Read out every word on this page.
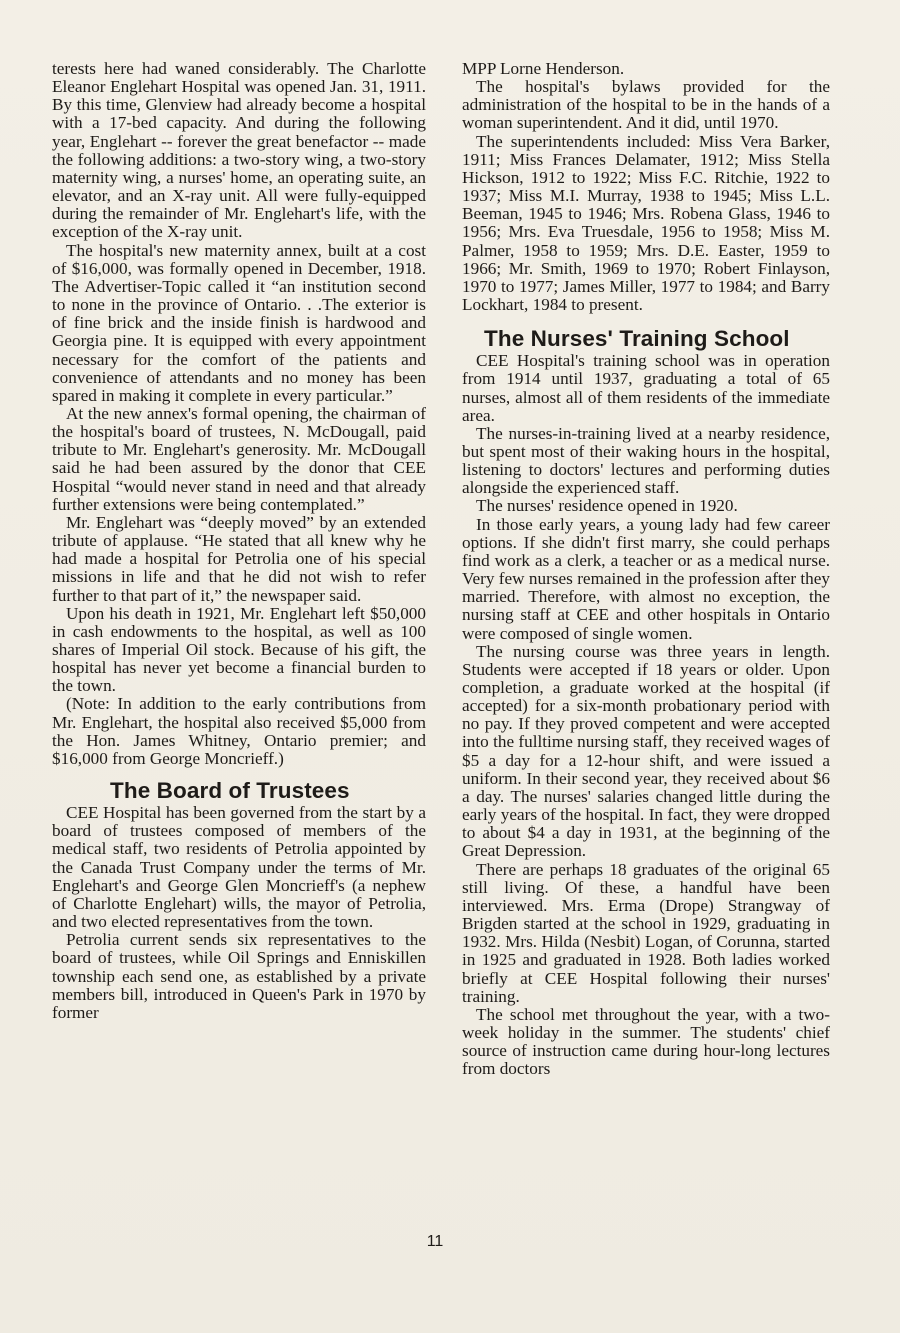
terests here had waned considerably. The Charlotte Eleanor Englehart Hospital was opened Jan. 31, 1911. By this time, Glenview had already become a hospital with a 17-bed capacity. And during the following year, Englehart -- forever the great benefactor -- made the following additions: a two-story wing, a two-story maternity wing, a nurses' home, an operating suite, an elevator, and an X-ray unit. All were fully-equipped during the remainder of Mr. Englehart's life, with the exception of the X-ray unit.

The hospital's new maternity annex, built at a cost of $16,000, was formally opened in December, 1918. The Advertiser-Topic called it “an institution second to none in the province of Ontario. . .The exterior is of fine brick and the inside finish is hardwood and Georgia pine. It is equipped with every appointment necessary for the comfort of the patients and convenience of attendants and no money has been spared in making it complete in every particular.”

At the new annex's formal opening, the chairman of the hospital's board of trustees, N. McDougall, paid tribute to Mr. Englehart's generosity. Mr. McDougall said he had been assured by the donor that CEE Hospital “would never stand in need and that already further extensions were being contemplated.”

Mr. Englehart was “deeply moved” by an extended tribute of applause. “He stated that all knew why he had made a hospital for Petrolia one of his special missions in life and that he did not wish to refer further to that part of it,” the newspaper said.

Upon his death in 1921, Mr. Englehart left $50,000 in cash endowments to the hospital, as well as 100 shares of Imperial Oil stock. Because of his gift, the hospital has never yet become a financial burden to the town.

(Note: In addition to the early contributions from Mr. Englehart, the hospital also received $5,000 from the Hon. James Whitney, Ontario premier; and $16,000 from George Moncrieff.)

The Board of Trustees

CEE Hospital has been governed from the start by a board of trustees composed of members of the medical staff, two residents of Petrolia appointed by the Canada Trust Company under the terms of Mr. Englehart's and George Glen Moncrieff's (a nephew of Charlotte Englehart) wills, the mayor of Petrolia, and two elected representatives from the town.

Petrolia current sends six representatives to the board of trustees, while Oil Springs and Enniskillen township each send one, as established by a private members bill, introduced in Queen's Park in 1970 by former

MPP Lorne Henderson.

The hospital's bylaws provided for the administration of the hospital to be in the hands of a woman superintendent. And it did, until 1970.

The superintendents included: Miss Vera Barker, 1911; Miss Frances Delamater, 1912; Miss Stella Hickson, 1912 to 1922; Miss F.C. Ritchie, 1922 to 1937; Miss M.I. Murray, 1938 to 1945; Miss L.L. Beeman, 1945 to 1946; Mrs. Robena Glass, 1946 to 1956; Mrs. Eva Truesdale, 1956 to 1958; Miss M. Palmer, 1958 to 1959; Mrs. D.E. Easter, 1959 to 1966; Mr. Smith, 1969 to 1970; Robert Finlayson, 1970 to 1977; James Miller, 1977 to 1984; and Barry Lockhart, 1984 to present.

The Nurses' Training School

CEE Hospital's training school was in operation from 1914 until 1937, graduating a total of 65 nurses, almost all of them residents of the immediate area.

The nurses-in-training lived at a nearby residence, but spent most of their waking hours in the hospital, listening to doctors' lectures and performing duties alongside the experienced staff.

The nurses' residence opened in 1920.

In those early years, a young lady had few career options. If she didn't first marry, she could perhaps find work as a clerk, a teacher or as a medical nurse. Very few nurses remained in the profession after they married. Therefore, with almost no exception, the nursing staff at CEE and other hospitals in Ontario were composed of single women.

The nursing course was three years in length. Students were accepted if 18 years or older. Upon completion, a graduate worked at the hospital (if accepted) for a six-month probationary period with no pay. If they proved competent and were accepted into the fulltime nursing staff, they received wages of $5 a day for a 12-hour shift, and were issued a uniform. In their second year, they received about $6 a day. The nurses' salaries changed little during the early years of the hospital. In fact, they were dropped to about $4 a day in 1931, at the beginning of the Great Depression.

There are perhaps 18 graduates of the original 65 still living. Of these, a handful have been interviewed. Mrs. Erma (Drope) Strangway of Brigden started at the school in 1929, graduating in 1932. Mrs. Hilda (Nesbit) Logan, of Corunna, started in 1925 and graduated in 1928. Both ladies worked briefly at CEE Hospital following their nurses' training.

The school met throughout the year, with a two-week holiday in the summer. The students' chief source of instruction came during hour-long lectures from doctors

11
